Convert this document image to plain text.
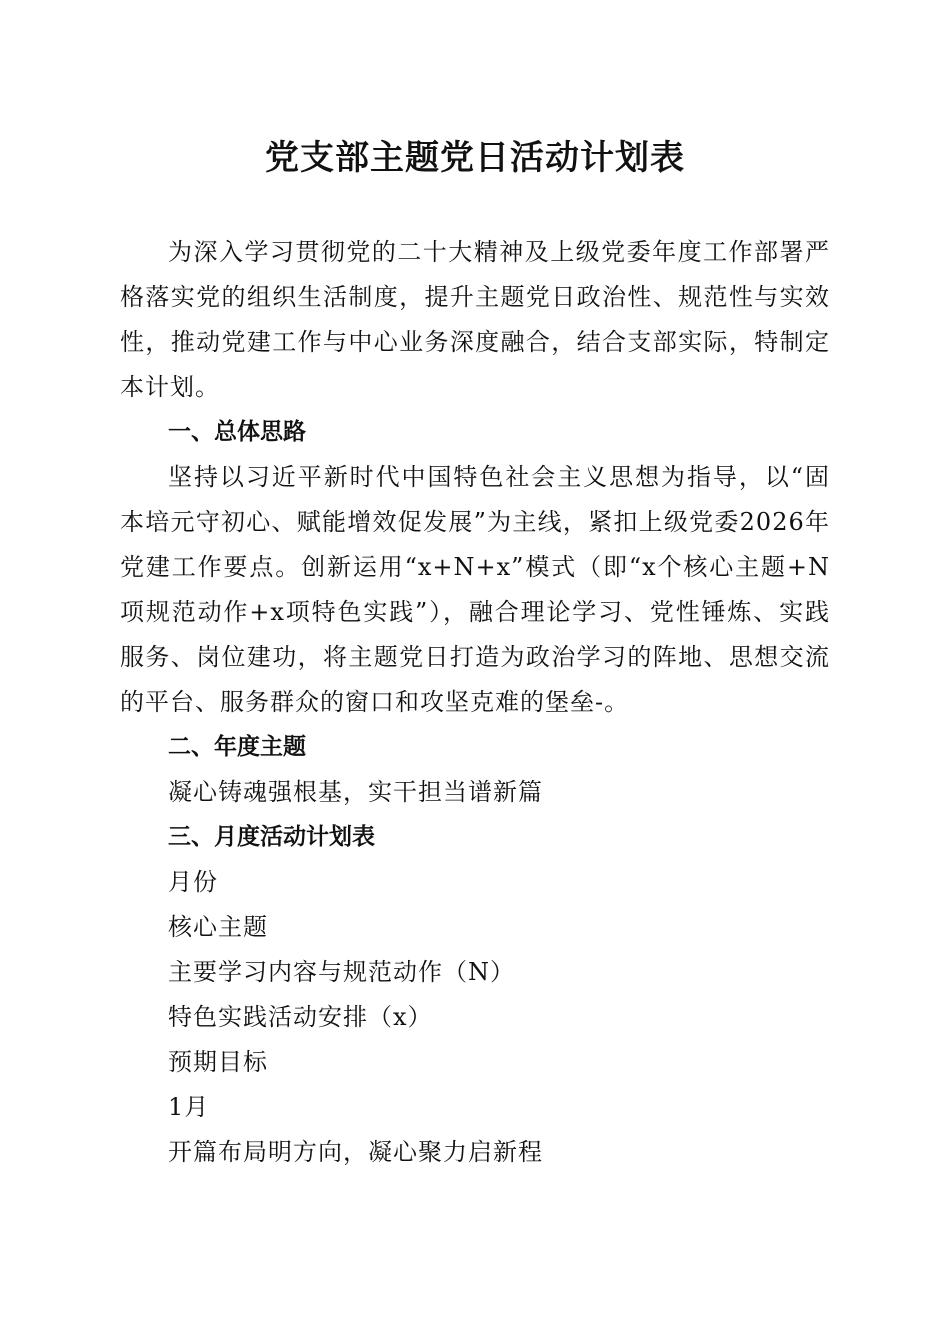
党支部主题党日活动计划表

为深入学习贯彻党的二十大精神及上级党委年度工作部署严格落实党的组织生活制度，提升主题党日政治性、规范性与实效性，推动党建工作与中心业务深度融合，结合支部实际，特制定本计划。

一、总体思路

坚持以习近平新时代中国特色社会主义思想为指导，以“固本培元守初心、赋能增效促发展”为主线，紧扣上级党委2026年党建工作要点。创新运用“x+N+x”模式（即“x个核心主题+N项规范动作+x项特色实践”），融合理论学习、党性锤炼、实践服务、岗位建功，将主题党日打造为政治学习的阵地、思想交流的平台、服务群众的窗口和攻坚克难的堡垒-。

二、年度主题

凝心铸魂强根基，实干担当谱新篇

三、月度活动计划表

月份

核心主题

主要学习内容与规范动作（N）

特色实践活动安排（x）

预期目标

1月

开篇布局明方向，凝心聚力启新程
